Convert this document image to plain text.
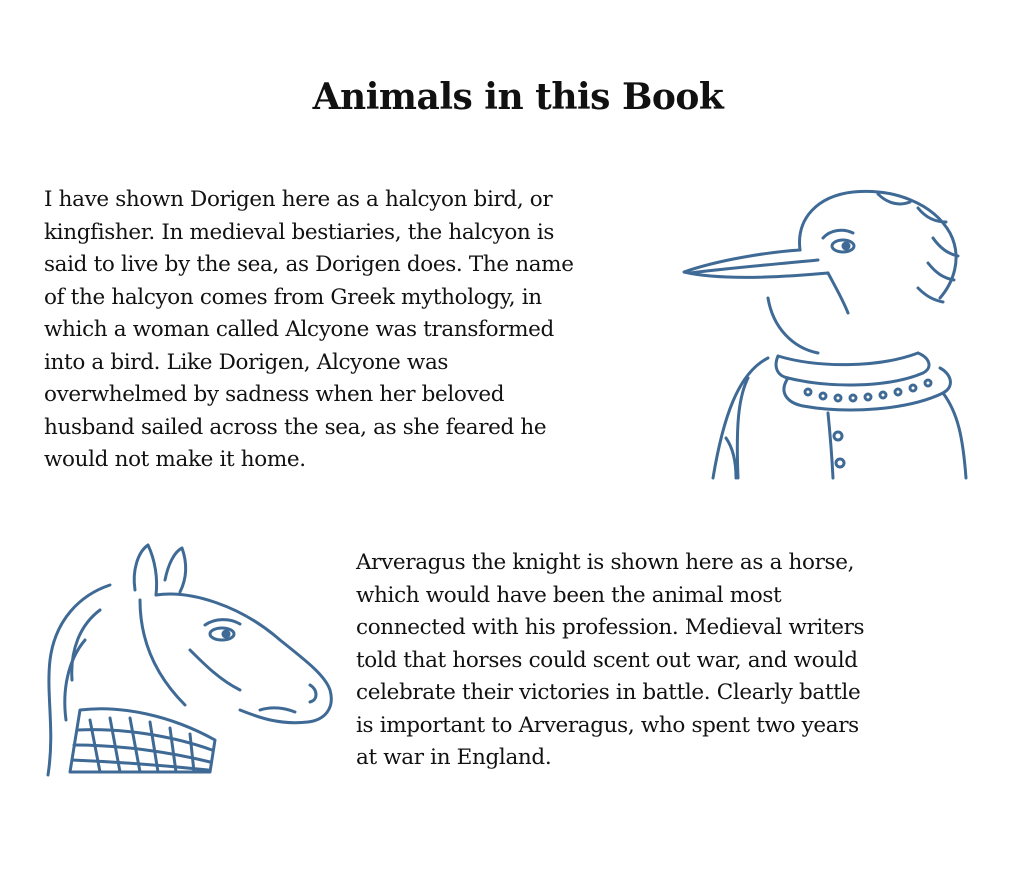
Animals in this Book
I have shown Dorigen here as a halcyon bird, or
kingfisher. In medieval bestiaries, the halcyon is
said to live by the sea, as Dorigen does. The name
of the halcyon comes from Greek mythology, in
which a woman called Alcyone was transformed
into a bird. Like Dorigen, Alcyone was
overwhelmed by sadness when her beloved
husband sailed across the sea, as she feared he
would not make it home.
Arveragus the knight is shown here as a horse,
which would have been the animal most
connected with his profession. Medieval writers
told that horses could scent out war, and would
celebrate their victories in battle. Clearly battle
is important to Arveragus, who spent two years
at war in England.
